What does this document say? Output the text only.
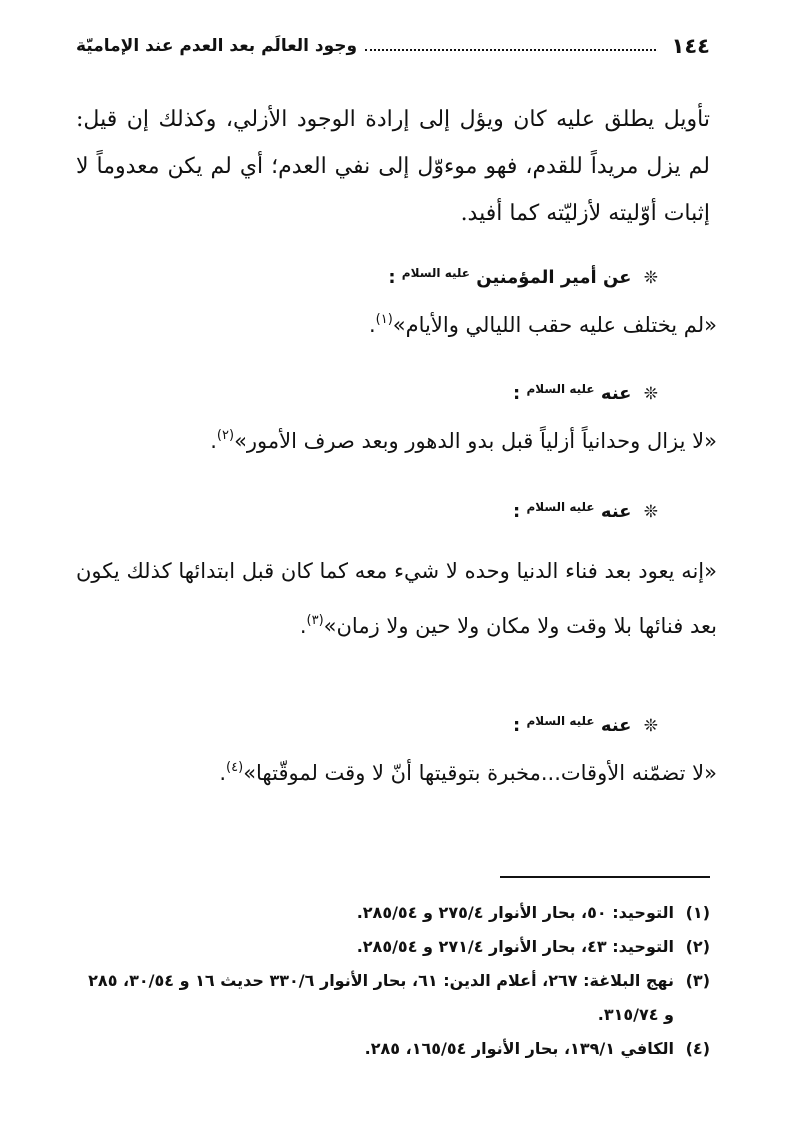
١٤٤
وجود العالَم بعد العدم عند الإماميّة

تأويل يطلق عليه كان ويؤل إلى إرادة الوجود الأزلي، وكذلك إن قيل: لم يزل مريداً للقدم، فهو موءوّل إلى نفي العدم؛ أي لم يكن معدوماً لا إثبات أوّليته لأزليّته كما أفيد.

❊ عن أمير المؤمنين $^{عليه السلام}$ :
«لم يختلف عليه حقب الليالي والأيام»$^{(١)}$.
❊ عنه $^{عليه السلام}$ :
«لا يزال وحدانياً أزلياً قبل بدو الدهور وبعد صرف الأمور»$^{(٢)}$.
❊ عنه $^{عليه السلام}$ :
«إنه يعود بعد فناء الدنيا وحده لا شيء معه كما كان قبل ابتدائها كذلك يكون بعد فنائها بلا وقت ولا مكان ولا حين ولا زمان»$^{(٣)}$.
❊ عنه $^{عليه السلام}$ :
«لا تضمّنه الأوقات...مخبرة بتوقيتها أنّ لا وقت لموقّتها»$^{(٤)}$.
(١)
التوحيد: ٥٠، بحار الأنوار ٢٧٥/٤ و ٢٨٥/٥٤.
(٢)
التوحيد: ٤٣، بحار الأنوار ٢٧١/٤ و ٢٨٥/٥٤.
(٣)
نهج البلاغة: ٢٦٧، أعلام الدين: ٦١، بحار الأنوار ٣٣٠/٦ حديث ١٦ و ٣٠/٥٤، ٢٨٥ و ٣١٥/٧٤.
(٤)
الكافي ١٣٩/١، بحار الأنوار ١٦٥/٥٤، ٢٨٥.
